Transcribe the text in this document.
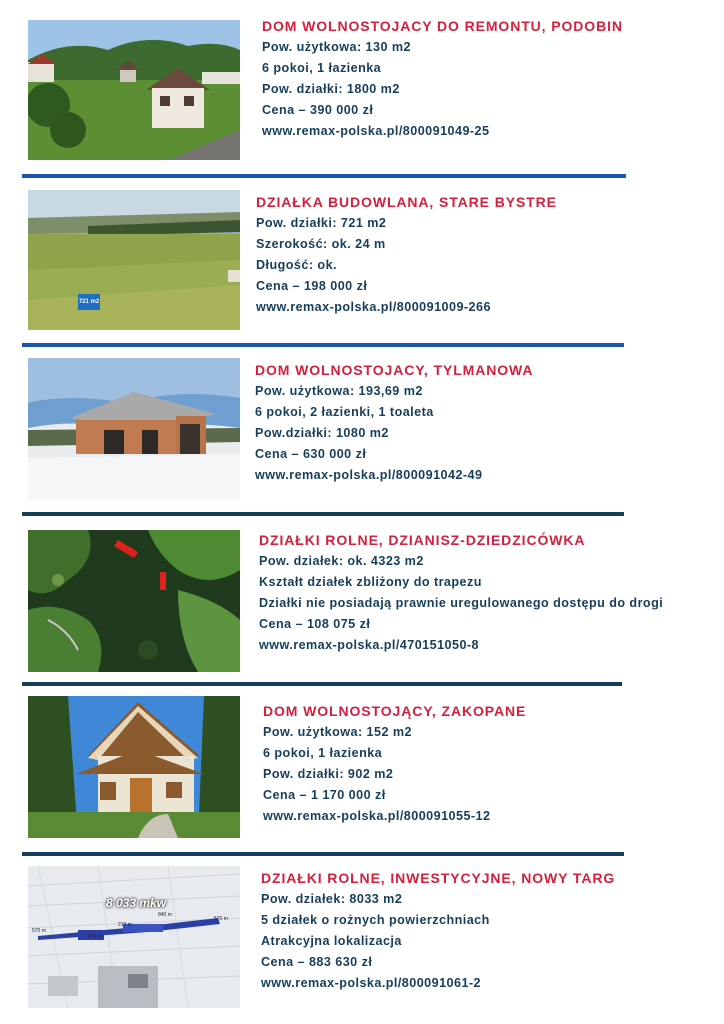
DOM WOLNOSTOJACY DO REMONTU, PODOBIN
Pow. użytkowa: 130 m2
6 pokoi, 1 łazienka
Pow. działki: 1800 m2
Cena – 390 000 zł
www.remax-polska.pl/800091049-25
721 m2
DZIAŁKA BUDOWLANA, STARE BYSTRE
Pow. działki: 721 m2
Szerokość: ok. 24 m
Długość: ok.
Cena – 198 000 zł
www.remax-polska.pl/800091009-266
DOM WOLNOSTOJACY, TYLMANOWA
Pow. użytkowa: 193,69 m2
6 pokoi, 2 łazienki, 1 toaleta
Pow.działki: 1080 m2
Cena – 630 000 zł
www.remax-polska.pl/800091042-49
DZIAŁKI ROLNE, DZIANISZ-DZIEDZICÓWKA
Pow. działek: ok. 4323 m2
Kształt działek zbliżony do trapezu
Działki nie posiadają prawnie uregulowanego dostępu do drogi
Cena – 108 075 zł
www.remax-polska.pl/470151050-8
DOM WOLNOSTOJĄCY, ZAKOPANE
Pow. użytkowa: 152 m2
6 pokoi, 1 łazienka
Pow. działki: 902 m2
Cena – 1 170 000 zł
www.remax-polska.pl/800091055-12
8 033 mkw
570 m
210 m
840 m
570 m
570 m
DZIAŁKI ROLNE, INWESTYCYJNE, NOWY TARG
Pow. działek: 8033 m2
5 działek o rożnych powierzchniach
Atrakcyjna lokalizacja
Cena – 883 630 zł
www.remax-polska.pl/800091061-2
